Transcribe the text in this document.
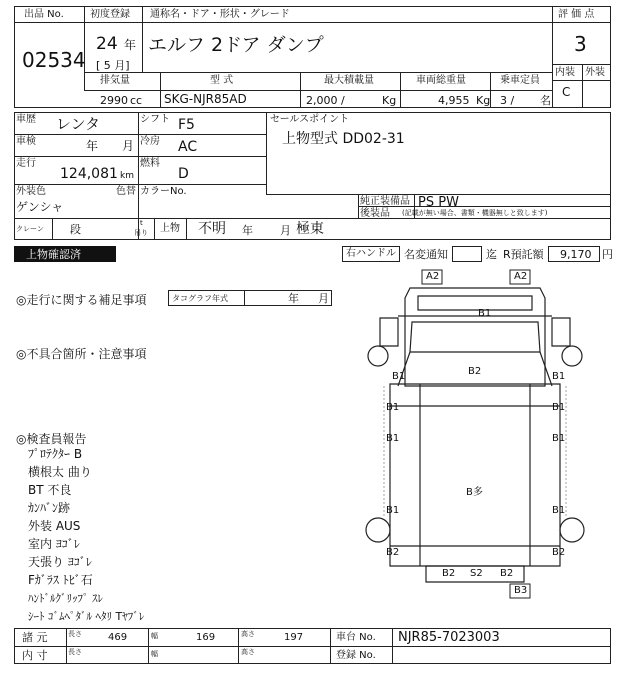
出品 No.
02534
初度登録 通称名・ドア・形状・グレード
24 年
[ 5 月]
エルフ 2ドア ダンプ
評 価 点
3
内装 外装
C
排気量	型 式	最大積載量	車両総重量	乗車定員
2990 cc SKG-NJR85AD	2,000 /	Kg	4,955 Kg 3 / 名
車歴 レンタ	シフト F5
車検	年 月 冷房 AC
走行
124,081 km
燃料
D
外装色
ゲンシャ
色替 カラーNo.
セールスポイント
上物型式 DD02-31
純正装備品 PS PW
後装品 (記載が無い場合、書類・機器無しと致します)
クレーン 段	t
吊り 上物 不明 年 月 極東
上物確認済	右ハンドル 名変通知	迄 R預託額 9,170 円
◎走行に関する補足事項	タコグラフ年式	年 月
◎不具合箇所・注意事項
◎検査員報告
ﾌﾟﾛﾃｸﾀｰ B
横根太 曲り
BT 不良
ｶﾝﾊﾞﾝ跡
外装 AUS
室内 ﾖｺﾞﾚ
天張り ﾖｺﾞﾚ
Fｶﾞﾗｽ ﾄﾋﾞ石
ﾊﾝﾄﾞﾙｸﾞﾘｯﾌﾟ ｽﾚ
ｼｰﾄ ｺﾞﾑﾍﾟﾀﾞﾙ ﾍﾀﾘ Tﾔﾌﾞﾚ
A2	A2
B1
B2
B1	B1
B1	B1
B1	B1
B多
B1	B1
B2	B2
B2 S2 B2
B3
諸 元	長さ	469	幅	169	高さ	197	車台 No. NJR85-7023003
内 寸	長さ	幅	高さ	登録 No.
